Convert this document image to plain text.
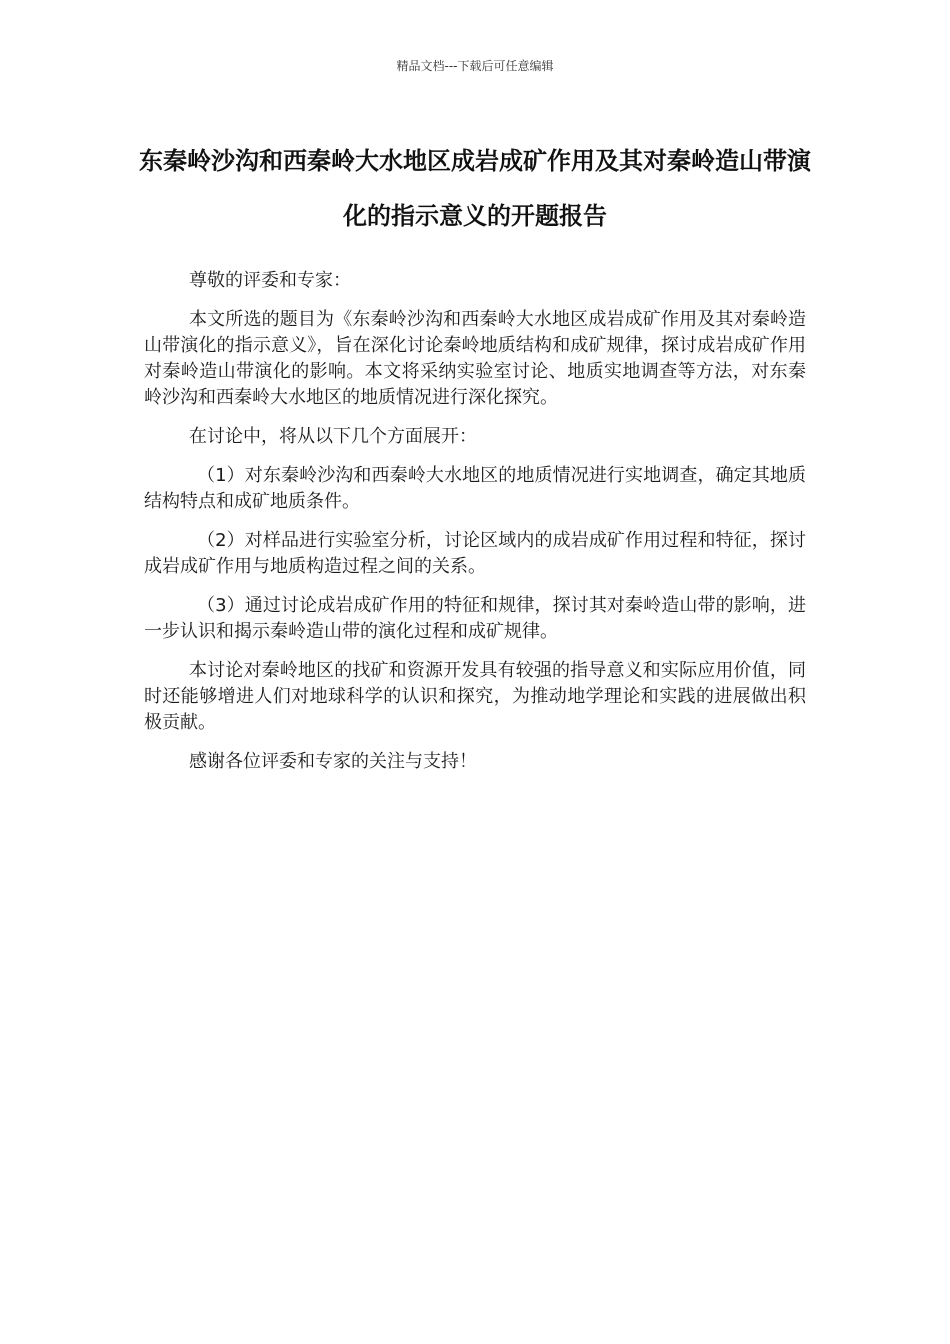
精品文档---下载后可任意编辑
东秦岭沙沟和西秦岭大水地区成岩成矿作用及其对秦岭造山带演化的指示意义的开题报告

尊敬的评委和专家：

本文所选的题目为《东秦岭沙沟和西秦岭大水地区成岩成矿作用及其对秦岭造山带演化的指示意义》，旨在深化讨论秦岭地质结构和成矿规律，探讨成岩成矿作用对秦岭造山带演化的影响。本文将采纳实验室讨论、地质实地调查等方法，对东秦岭沙沟和西秦岭大水地区的地质情况进行深化探究。

在讨论中，将从以下几个方面展开：

（1）对东秦岭沙沟和西秦岭大水地区的地质情况进行实地调查，确定其地质结构特点和成矿地质条件。

（2）对样品进行实验室分析，讨论区域内的成岩成矿作用过程和特征，探讨成岩成矿作用与地质构造过程之间的关系。

（3）通过讨论成岩成矿作用的特征和规律，探讨其对秦岭造山带的影响，进一步认识和揭示秦岭造山带的演化过程和成矿规律。

本讨论对秦岭地区的找矿和资源开发具有较强的指导意义和实际应用价值，同时还能够增进人们对地球科学的认识和探究，为推动地学理论和实践的进展做出积极贡献。

感谢各位评委和专家的关注与支持！
